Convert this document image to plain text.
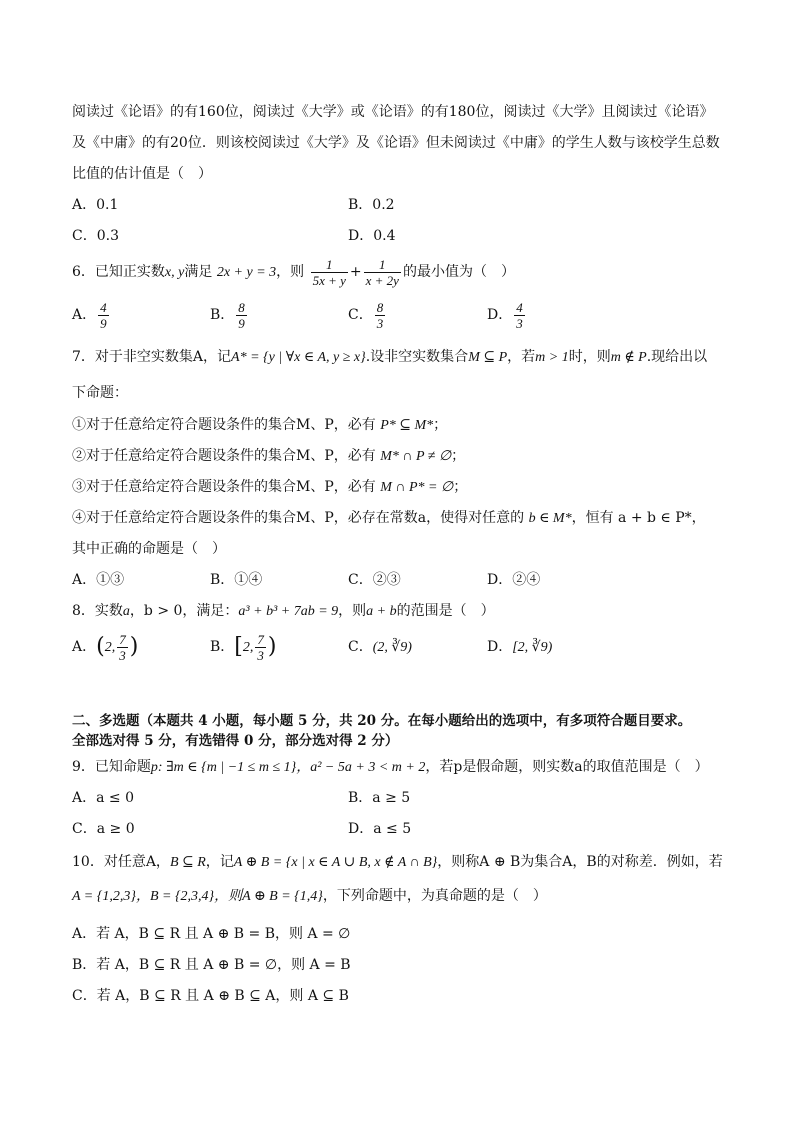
阅读过《论语》的有160位，阅读过《大学》或《论语》的有180位，阅读过《大学》且阅读过《论语》
及《中庸》的有20位．则该校阅读过《大学》及《论语》但未阅读过《中庸》的学生人数与该校学生总数
比值的估计值是（　）
A．0.1	B．0.2
C．0.3	D．0.4
6．已知正实数x, y满足 2x + y = 3，则 $\frac{1}{5x + y} + \frac{1}{x + 2y}$ 的最小值为（　）
A． $\frac{4}{9}$	B． $\frac{8}{9}$	C． $\frac{8}{3}$	D． $\frac{4}{3}$
7．对于非空实数集A，记A* = {y | ∀x ∈ A, y ≥ x}.设非空实数集合M ⊆ P，若m > 1时，则m ∉ P.现给出以
下命题：
①对于任意给定符合题设条件的集合M、P，必有 P* ⊆ M*；
②对于任意给定符合题设条件的集合M、P，必有 M* ∩ P ≠ ∅；
③对于任意给定符合题设条件的集合M、P，必有 M ∩ P* = ∅；
④对于任意给定符合题设条件的集合M、P，必存在常数a，使得对任意的 b ∈ M*，恒有 a + b ∈ P*，
其中正确的命题是（　）
A．①③	B．①④	C．②③	D．②④
8．实数a，b > 0，满足：a³ + b³ + 7ab = 9，则a + b的范围是（　）
A．(2, $\frac{7}{3}$ )	B．[2, $\frac{7}{3}$ )	C．(2, ∛9)	D．[2, ∛9)
二、多选题（本题共 4 小题，每小题 5 分，共 20 分。在每小题给出的选项中，有多项符合题目要求。
全部选对得 5 分，有选错得 0 分，部分选对得 2 分）
9．已知命题p: ∃m ∈ {m | −1 ≤ m ≤ 1}，a² − 5a + 3 < m + 2，若p是假命题，则实数a的取值范围是（　）
A．a ≤ 0	B．a ≥ 5
C．a ≥ 0	D．a ≤ 5
10．对任意A，B ⊆ R，记A ⊕ B = {x | x ∈ A ∪ B, x ∉ A ∩ B}，则称A ⊕ B为集合A，B的对称差．例如，若
A = {1,2,3}，B = {2,3,4}，则A ⊕ B = {1,4}，下列命题中，为真命题的是（　）
A．若 A，B ⊆ R 且 A ⊕ B = B，则 A = ∅
B．若 A，B ⊆ R 且 A ⊕ B = ∅，则 A = B
C．若 A，B ⊆ R 且 A ⊕ B ⊆ A，则 A ⊆ B
